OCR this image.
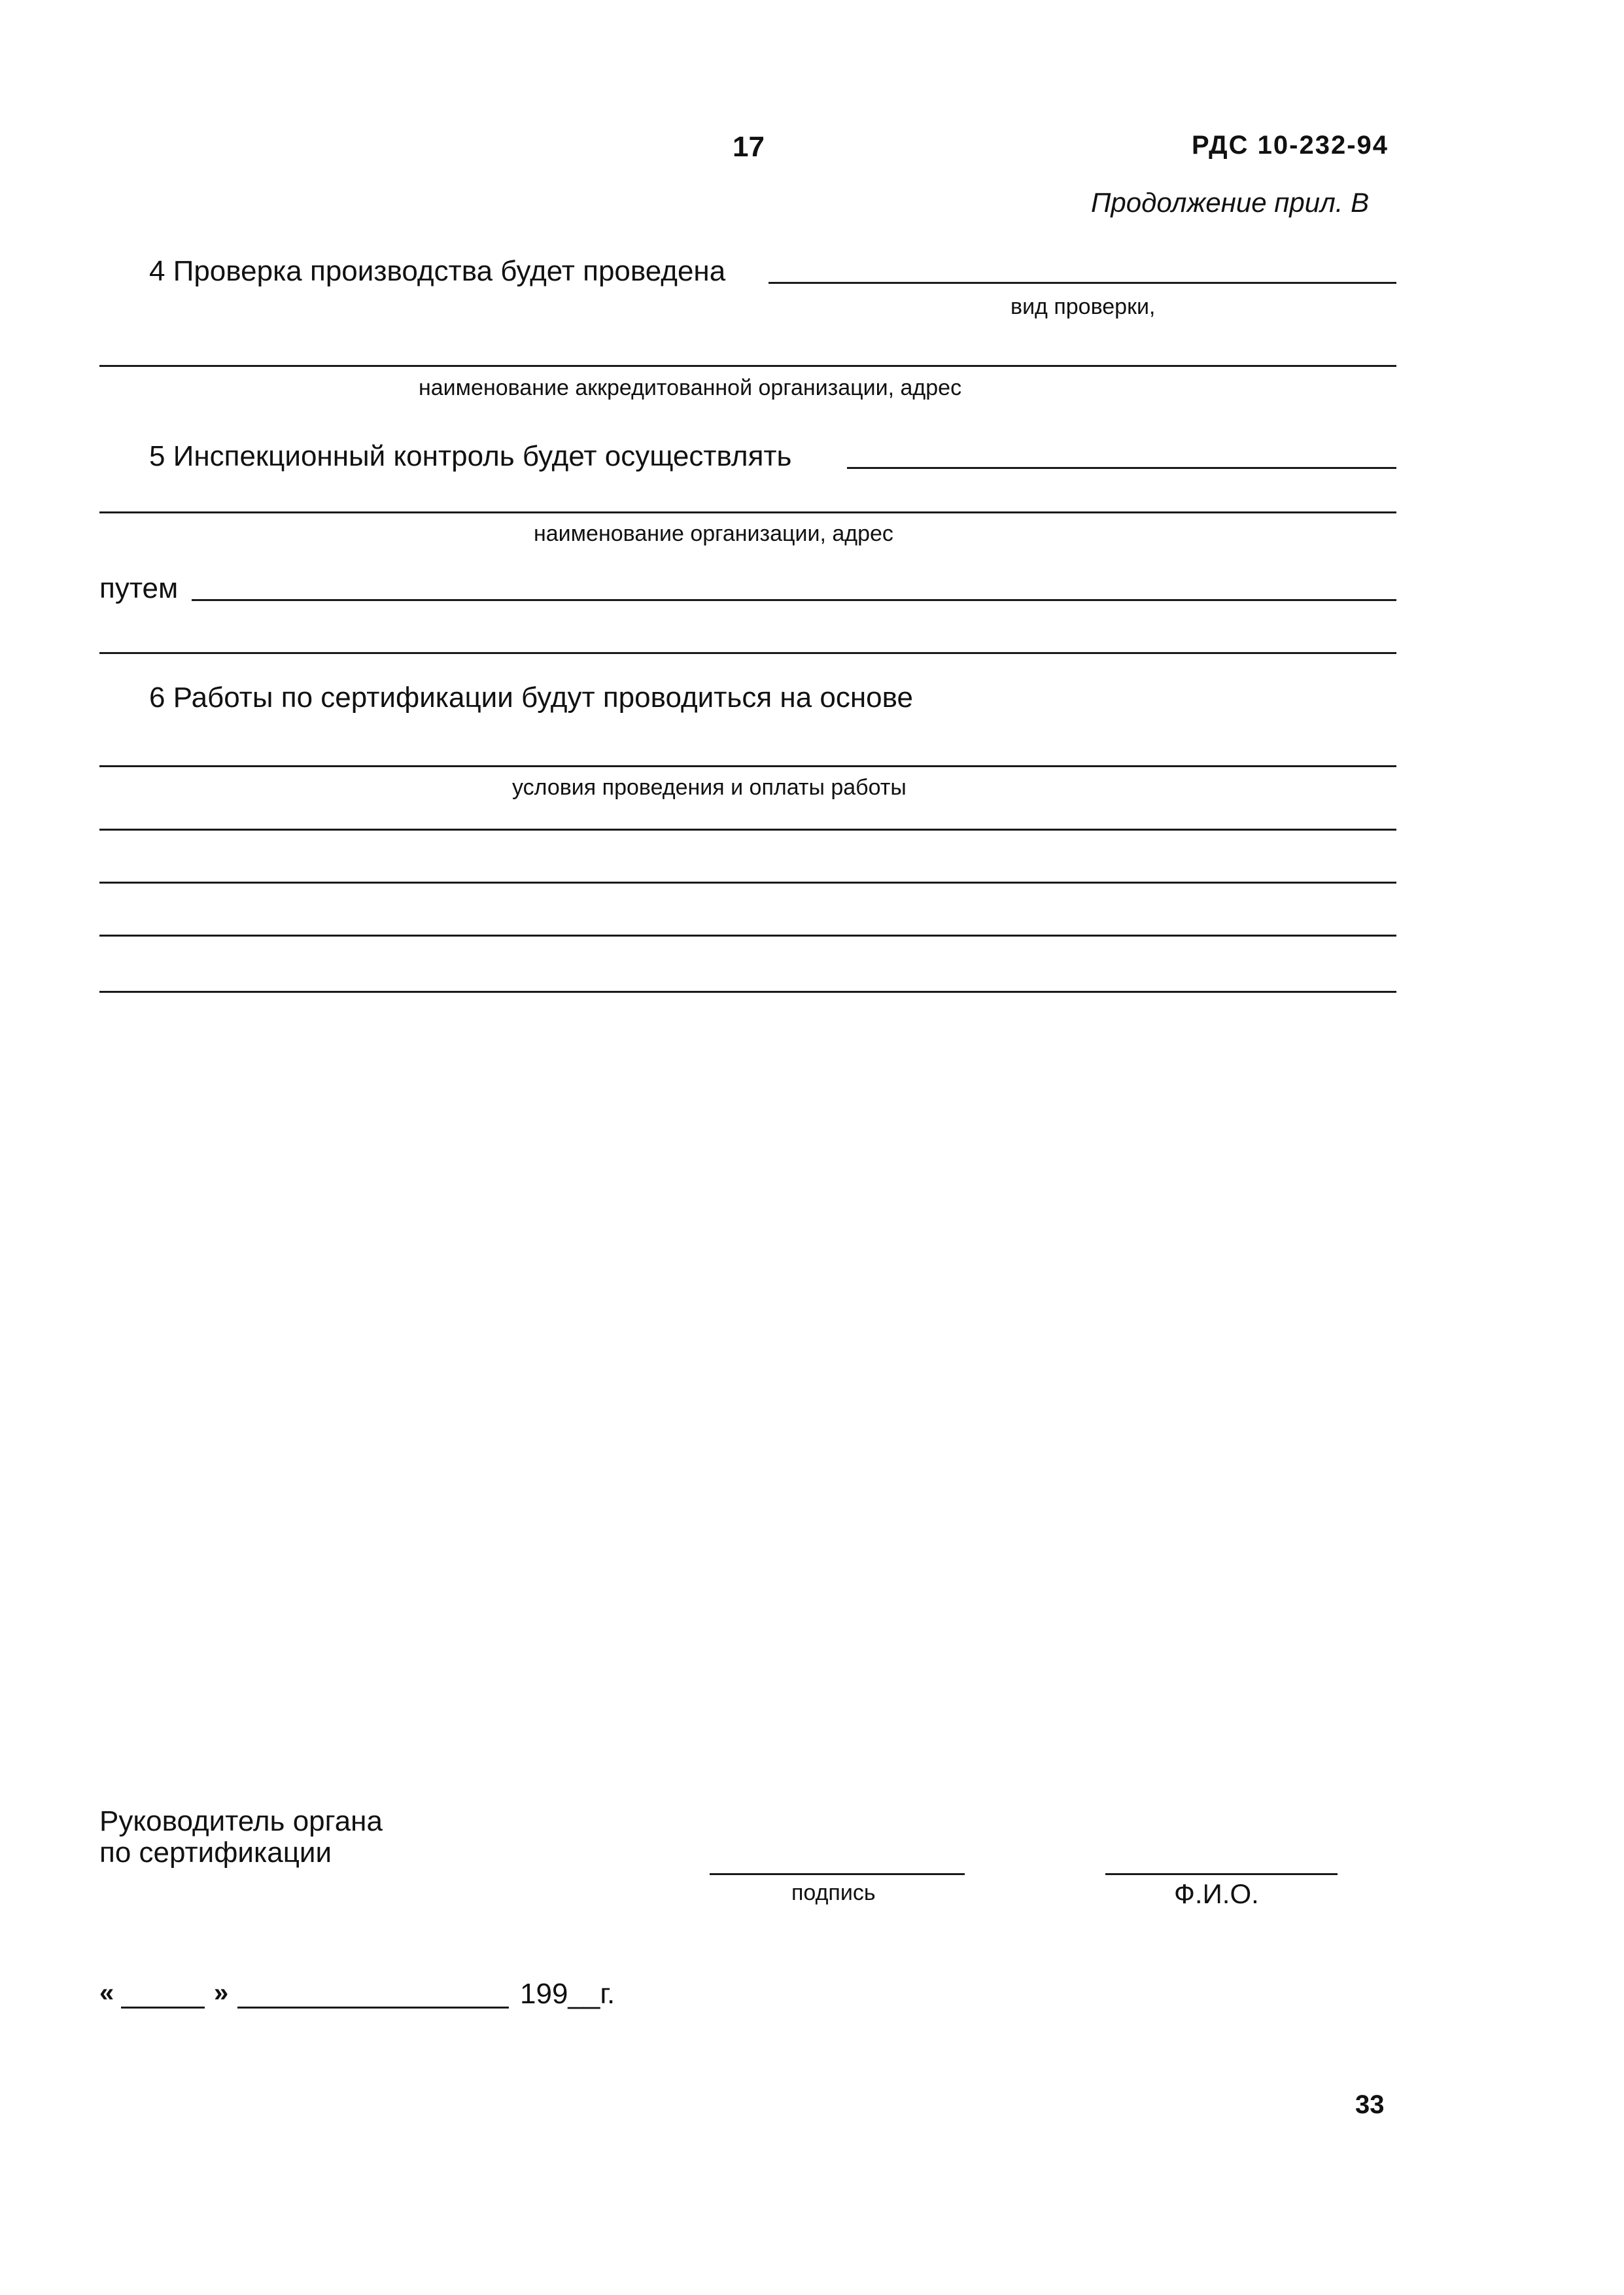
17	РДС 10-232-94
Продолжение прил. В
4 Проверка производства будет проведена
вид проверки,
наименование аккредитованной организации, адрес
5 Инспекционный контроль будет осуществлять
наименование организации, адрес
путем
6 Работы по сертификации будут проводиться на основе
условия проведения и оплаты работы
Руководитель органа
по сертификации
подпись	Ф.И.О.
«	»	199__г.
33
